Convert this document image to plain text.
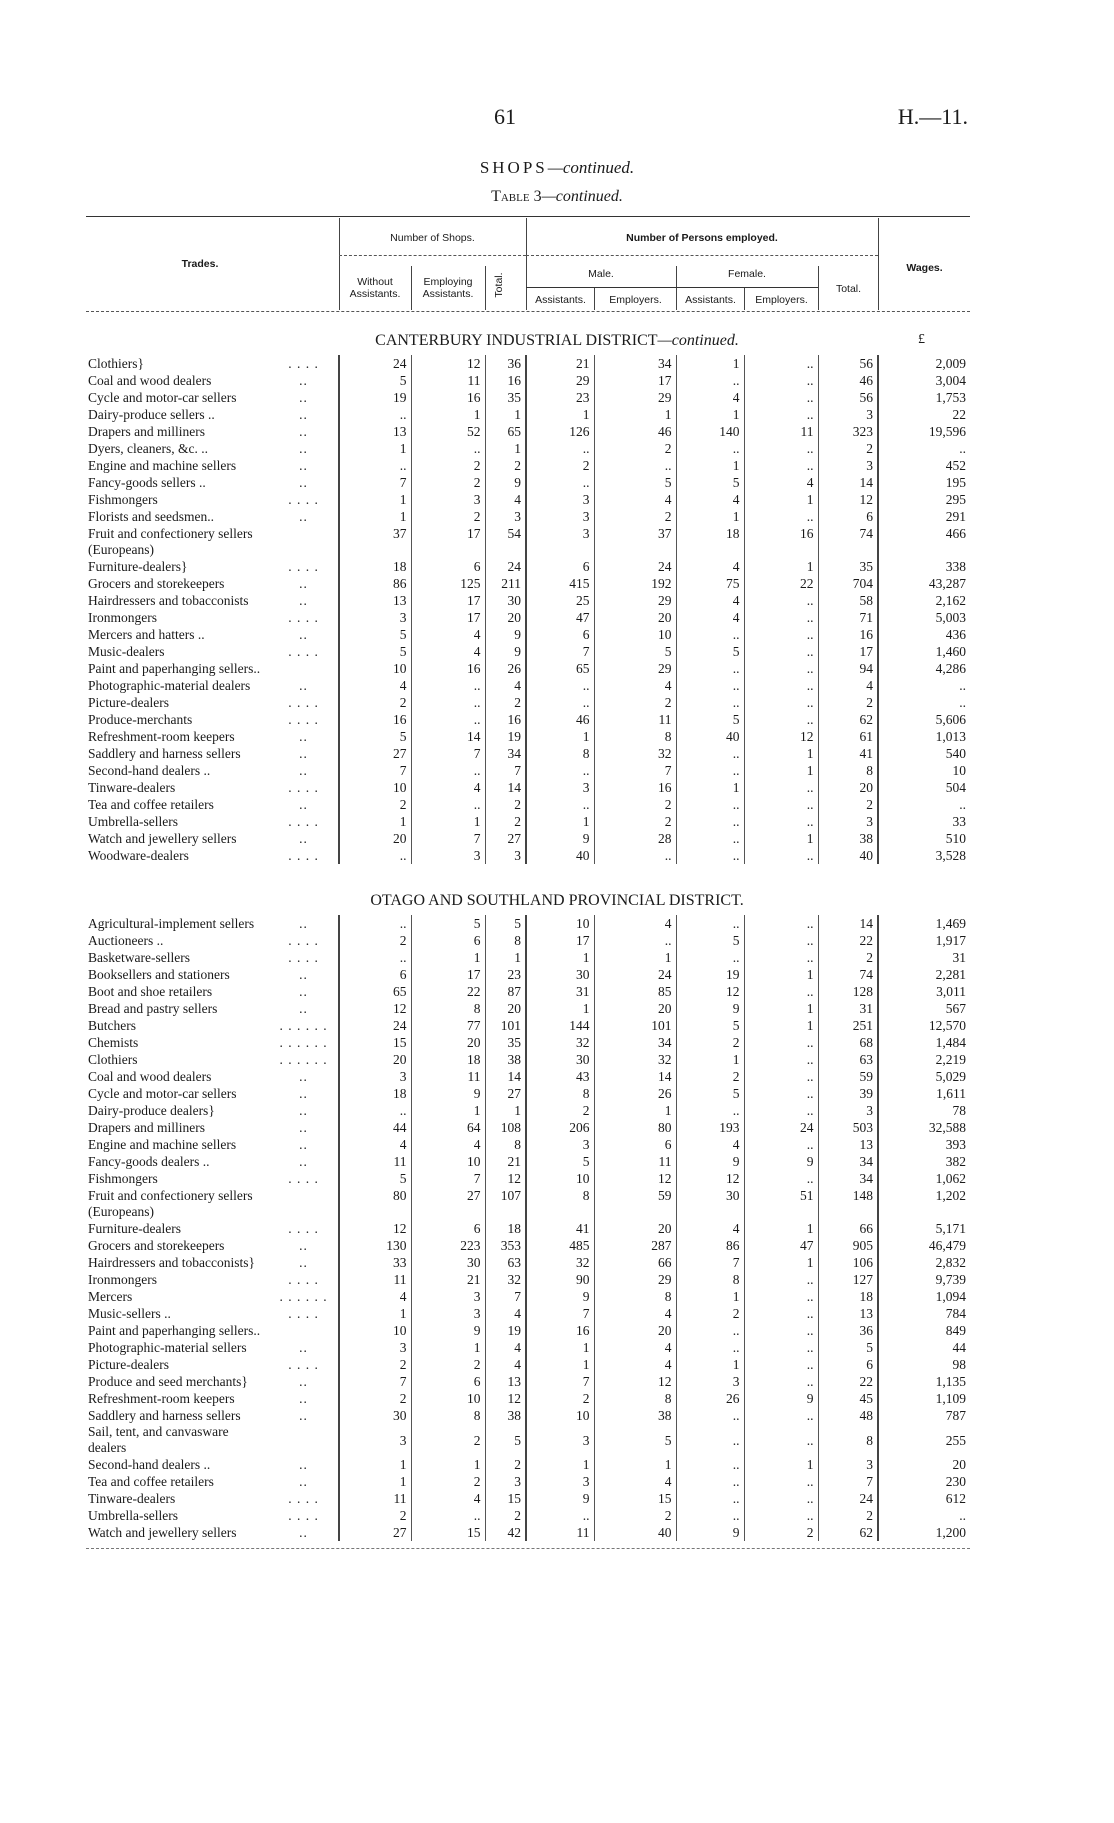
61	H.—11.
SHOPS—continued.
Table 3—continued.
Trades.
Number of Shops.
Without
Assistants.
Employing
Assistants.	Total.
Number of Persons employed.
Male.	Female.
Assistants.	Employers.	Assistants.	Employers.
Total.
Wages.
CANTERBURY INDUSTRIAL DISTRICT—continued.	£
Clothiers}	. . . .	24	12	36	21	34	1	..	56	2,009
Coal and wood dealers	..	5	11	16	29	17	..	..	46	3,004
Cycle and motor-car sellers	..	19	16	35	23	29	4	..	56	1,753
Dairy-produce sellers ..	..	..	1	1	1	1	1	..	3	22
Drapers and milliners	..	13	52	65	126	46	140	11	323	19,596
Dyers, cleaners, &c. ..	..	1	..	1	..	2	..	..	2	..
Engine and machine sellers	..	..	2	2	2	..	1	..	3	452
Fancy-goods sellers ..	..	7	2	9	..	5	5	4	14	195
Fishmongers	. . . .	1	3	4	3	4	4	1	12	295
Florists and seedsmen..	..	1	2	3	3	2	1	..	6	291
Fruit and confectionery sellers (Europeans)		37	17	54	3	37	18	16	74	466
Furniture-dealers}	. . . .	18	6	24	6	24	4	1	35	338
Grocers and storekeepers	..	86	125	211	415	192	75	22	704	43,287
Hairdressers and tobacconists	..	13	17	30	25	29	4	..	58	2,162
Ironmongers	. . . .	3	17	20	47	20	4	..	71	5,003
Mercers and hatters ..	..	5	4	9	6	10	..	..	16	436
Music-dealers	. . . .	5	4	9	7	5	5	..	17	1,460
Paint and paperhanging sellers..		10	16	26	65	29	..	..	94	4,286
Photographic-material dealers	..	4	..	4	..	4	..	..	4	..
Picture-dealers	. . . .	2	..	2	..	2	..	..	2	..
Produce-merchants	. . . .	16	..	16	46	11	5	..	62	5,606
Refreshment-room keepers	..	5	14	19	1	8	40	12	61	1,013
Saddlery and harness sellers	..	27	7	34	8	32	..	1	41	540
Second-hand dealers ..	..	7	..	7	..	7	..	1	8	10
Tinware-dealers	. . . .	10	4	14	3	16	1	..	20	504
Tea and coffee retailers	..	2	..	2	..	2	..	..	2	..
Umbrella-sellers	. . . .	1	1	2	1	2	..	..	3	33
Watch and jewellery sellers	..	20	7	27	9	28	..	1	38	510
Woodware-dealers	. . . .	..	3	3	40	..	..	..	40	3,528
OTAGO AND SOUTHLAND PROVINCIAL DISTRICT.
Agricultural-implement sellers	..	..	5	5	10	4	..	..	14	1,469
Auctioneers ..	. . . .	2	6	8	17	..	5	..	22	1,917
Basketware-sellers	. . . .	..	1	1	1	1	..	..	2	31
Booksellers and stationers	..	6	17	23	30	24	19	1	74	2,281
Boot and shoe retailers	..	65	22	87	31	85	12	..	128	3,011
Bread and pastry sellers	..	12	8	20	1	20	9	1	31	567
Butchers	. . . . . .	24	77	101	144	101	5	1	251	12,570
Chemists	. . . . . .	15	20	35	32	34	2	..	68	1,484
Clothiers	. . . . . .	20	18	38	30	32	1	..	63	2,219
Coal and wood dealers	..	3	11	14	43	14	2	..	59	5,029
Cycle and motor-car sellers	..	18	9	27	8	26	5	..	39	1,611
Dairy-produce dealers}	..	..	1	1	2	1	..	..	3	78
Drapers and milliners	..	44	64	108	206	80	193	24	503	32,588
Engine and machine sellers	..	4	4	8	3	6	4	..	13	393
Fancy-goods dealers ..	..	11	10	21	5	11	9	9	34	382
Fishmongers	. . . .	5	7	12	10	12	12	..	34	1,062
Fruit and confectionery sellers (Europeans)		80	27	107	8	59	30	51	148	1,202
Furniture-dealers	. . . .	12	6	18	41	20	4	1	66	5,171
Grocers and storekeepers	..	130	223	353	485	287	86	47	905	46,479
Hairdressers and tobacconists}	..	33	30	63	32	66	7	1	106	2,832
Ironmongers	. . . .	11	21	32	90	29	8	..	127	9,739
Mercers	. . . . . .	4	3	7	9	8	1	..	18	1,094
Music-sellers ..	. . . .	1	3	4	7	4	2	..	13	784
Paint and paperhanging sellers..		10	9	19	16	20	..	..	36	849
Photographic-material sellers	..	3	1	4	1	4	..	..	5	44
Picture-dealers	. . . .	2	2	4	1	4	1	..	6	98
Produce and seed merchants}	..	7	6	13	7	12	3	..	22	1,135
Refreshment-room keepers	..	2	10	12	2	8	26	9	45	1,109
Saddlery and harness sellers	..	30	8	38	10	38	..	..	48	787
Sail, tent, and canvasware dealers		3	2	5	3	5	..	..	8	255
Second-hand dealers ..	..	1	1	2	1	1	..	1	3	20
Tea and coffee retailers	..	1	2	3	3	4	..	..	7	230
Tinware-dealers	. . . .	11	4	15	9	15	..	..	24	612
Umbrella-sellers	. . . .	2	..	2	..	2	..	..	2	..
Watch and jewellery sellers	..	27	15	42	11	40	9	2	62	1,200
